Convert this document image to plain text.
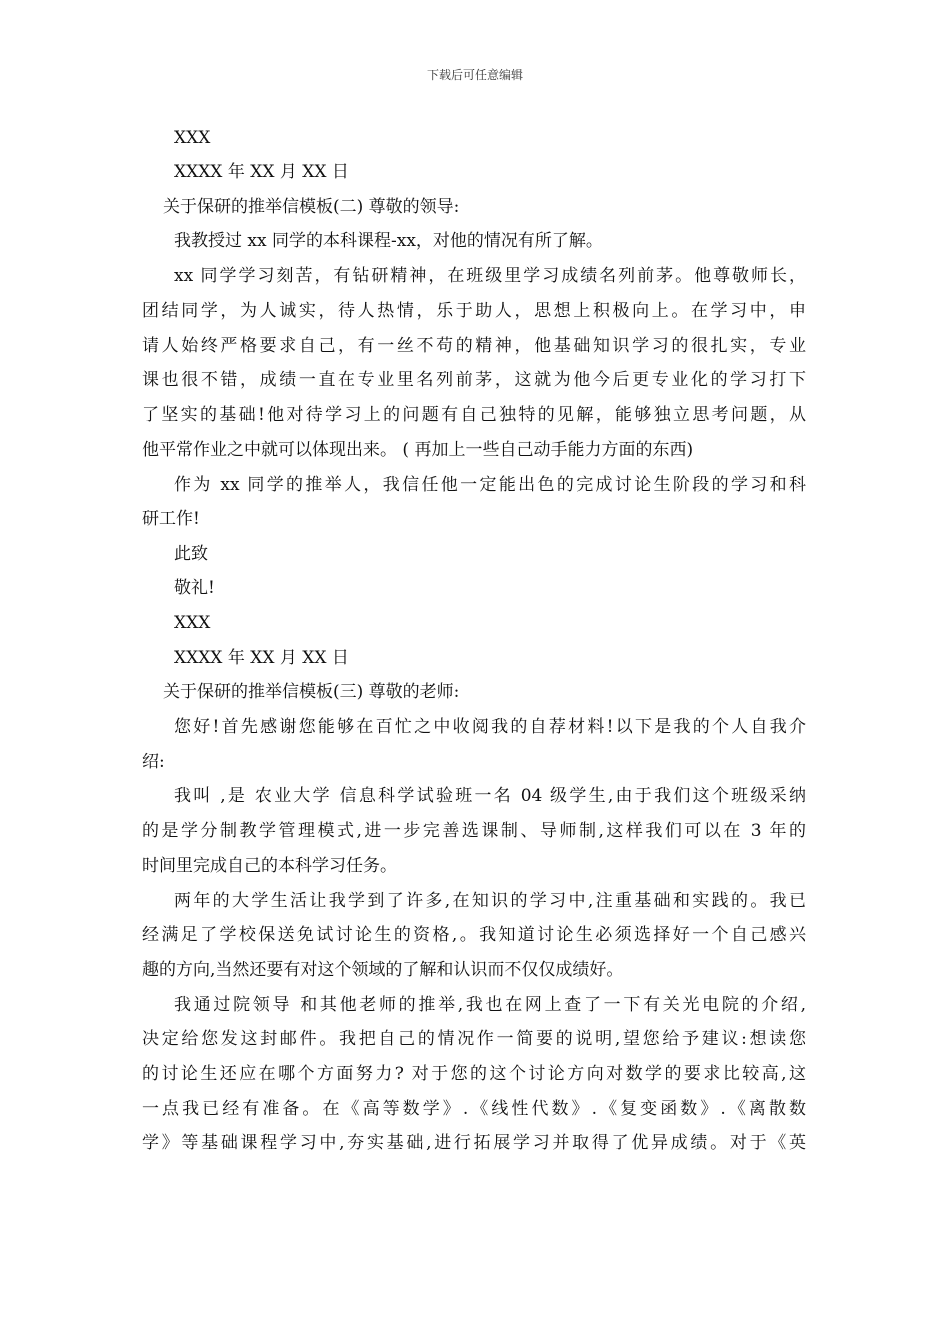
下载后可任意编辑
XXX
XXXX 年 XX 月 XX 日
关于保研的推举信模板(二) 尊敬的领导:
我教授过 xx 同学的本科课程-xx，对他的情况有所了解。
xx 同学学习刻苦，有钻研精神，在班级里学习成绩名列前茅。他尊敬师长，
团结同学，为人诚实，待人热情，乐于助人，思想上积极向上。在学习中，申
请人始终严格要求自己，有一丝不苟的精神，他基础知识学习的很扎实，专业
课也很不错，成绩一直在专业里名列前茅，这就为他今后更专业化的学习打下
了坚实的基础!他对待学习上的问题有自己独特的见解，能够独立思考问题，从
他平常作业之中就可以体现出来。 ( 再加上一些自己动手能力方面的东西)
作为 xx 同学的推举人，我信任他一定能出色的完成讨论生阶段的学习和科
研工作!
此致
敬礼!
XXX
XXXX 年 XX 月 XX 日
关于保研的推举信模板(三) 尊敬的老师:
您好!首先感谢您能够在百忙之中收阅我的自荐材料!以下是我的个人自我介
绍:
我叫 ,是 农业大学 信息科学试验班一名 04 级学生,由于我们这个班级采纳
的是学分制教学管理模式,进一步完善选课制、导师制,这样我们可以在 3 年的
时间里完成自己的本科学习任务。
两年的大学生活让我学到了许多,在知识的学习中,注重基础和实践的。我已
经满足了学校保送免试讨论生的资格,。我知道讨论生必须选择好一个自己感兴
趣的方向,当然还要有对这个领域的了解和认识而不仅仅成绩好。
我通过院领导 和其他老师的推举,我也在网上查了一下有关光电院的介绍,
决定给您发这封邮件。我把自己的情况作一简要的说明,望您给予建议:想读您
的讨论生还应在哪个方面努力? 对于您的这个讨论方向对数学的要求比较高,这
一点我已经有准备。在《高等数学》.《线性代数》.《复变函数》.《离散数
学》等基础课程学习中,夯实基础,进行拓展学习并取得了优异成绩。对于《英
